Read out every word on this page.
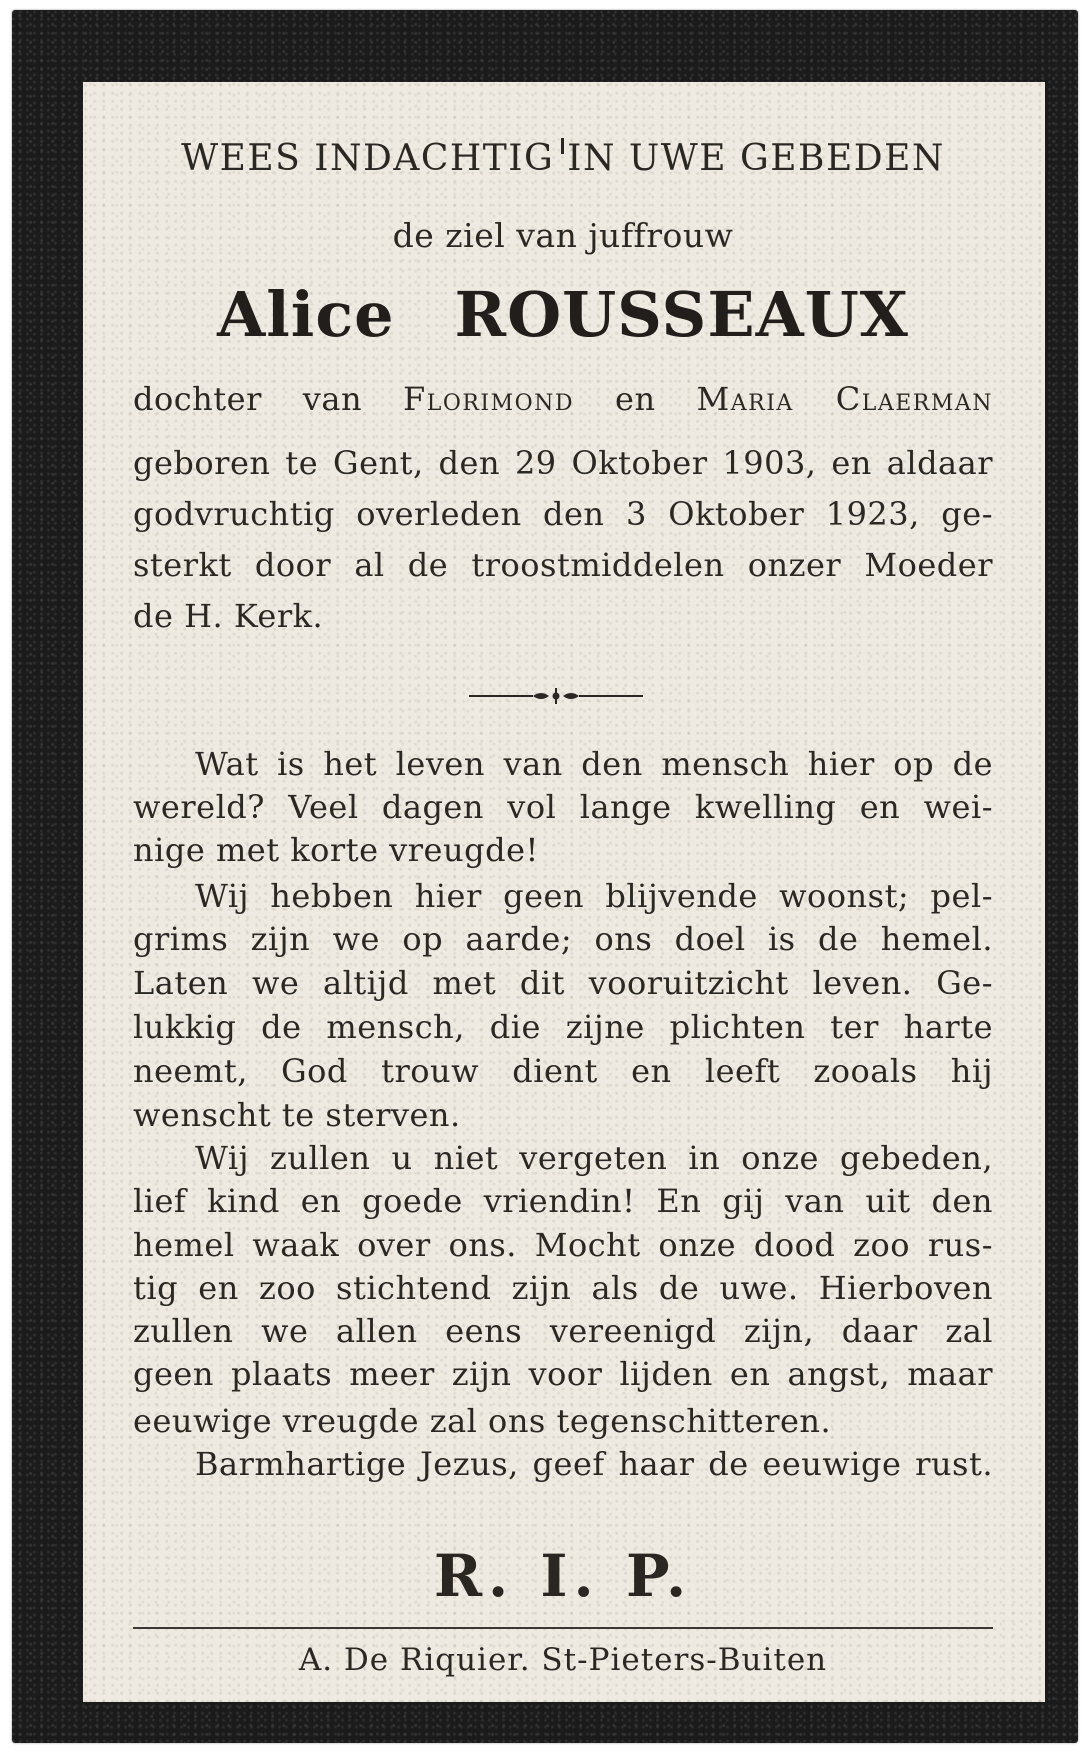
WEES INDACHTIG IN UWE GEBEDEN

de ziel van juffrouw

Alice ROUSSEAUX

dochter van Florimond en Maria Claerman

geboren te Gent, den 29 Oktober 1903, en aldaar

godvruchtig overleden den 3 Oktober 1923, ge-

sterkt door al de troostmiddelen onzer Moeder

de H. Kerk.

Wat is het leven van den mensch hier op de

wereld? Veel dagen vol lange kwelling en wei-

nige met korte vreugde!

Wij hebben hier geen blijvende woonst; pel-

grims zijn we op aarde; ons doel is de hemel.

Laten we altijd met dit vooruitzicht leven. Ge-

lukkig de mensch, die zijne plichten ter harte

neemt, God trouw dient en leeft zooals hij

wenscht te sterven.

Wij zullen u niet vergeten in onze gebeden,

lief kind en goede vriendin! En gij van uit den

hemel waak over ons. Mocht onze dood zoo rus-

tig en zoo stichtend zijn als de uwe. Hierboven

zullen we allen eens vereenigd zijn, daar zal

geen plaats meer zijn voor lijden en angst, maar

eeuwige vreugde zal ons tegenschitteren.

Barmhartige Jezus, geef haar de eeuwige rust.

R. I. P.
A. De Riquier. St-Pieters-Buiten
